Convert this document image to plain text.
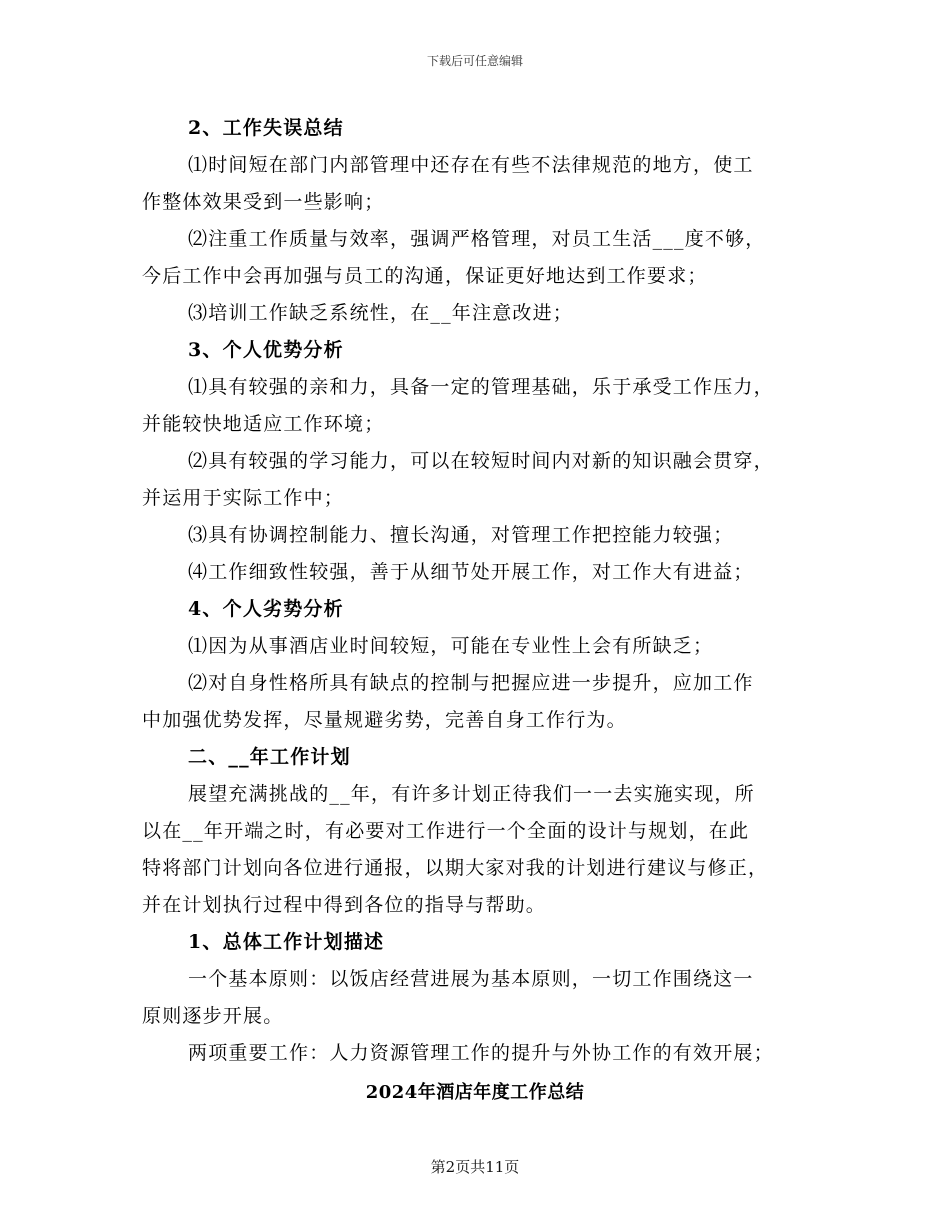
下载后可任意编辑
2、工作失误总结
⑴时间短在部门内部管理中还存在有些不法律规范的地方，使工
作整体效果受到一些影响；
⑵注重工作质量与效率，强调严格管理，对员工生活___度不够，
今后工作中会再加强与员工的沟通，保证更好地达到工作要求；
⑶培训工作缺乏系统性，在__年注意改进；
3、个人优势分析
⑴具有较强的亲和力，具备一定的管理基础，乐于承受工作压力，
并能较快地适应工作环境；
⑵具有较强的学习能力，可以在较短时间内对新的知识融会贯穿，
并运用于实际工作中；
⑶具有协调控制能力、擅长沟通，对管理工作把控能力较强；
⑷工作细致性较强，善于从细节处开展工作，对工作大有进益；
4、个人劣势分析
⑴因为从事酒店业时间较短，可能在专业性上会有所缺乏；
⑵对自身性格所具有缺点的控制与把握应进一步提升，应加工作
中加强优势发挥，尽量规避劣势，完善自身工作行为。
二、__年工作计划
展望充满挑战的__年，有许多计划正待我们一一去实施实现，所
以在__年开端之时，有必要对工作进行一个全面的设计与规划，在此
特将部门计划向各位进行通报，以期大家对我的计划进行建议与修正，
并在计划执行过程中得到各位的指导与帮助。
1、总体工作计划描述
一个基本原则：以饭店经营进展为基本原则，一切工作围绕这一
原则逐步开展。
两项重要工作：人力资源管理工作的提升与外协工作的有效开展；
2024年酒店年度工作总结
第2页共11页
